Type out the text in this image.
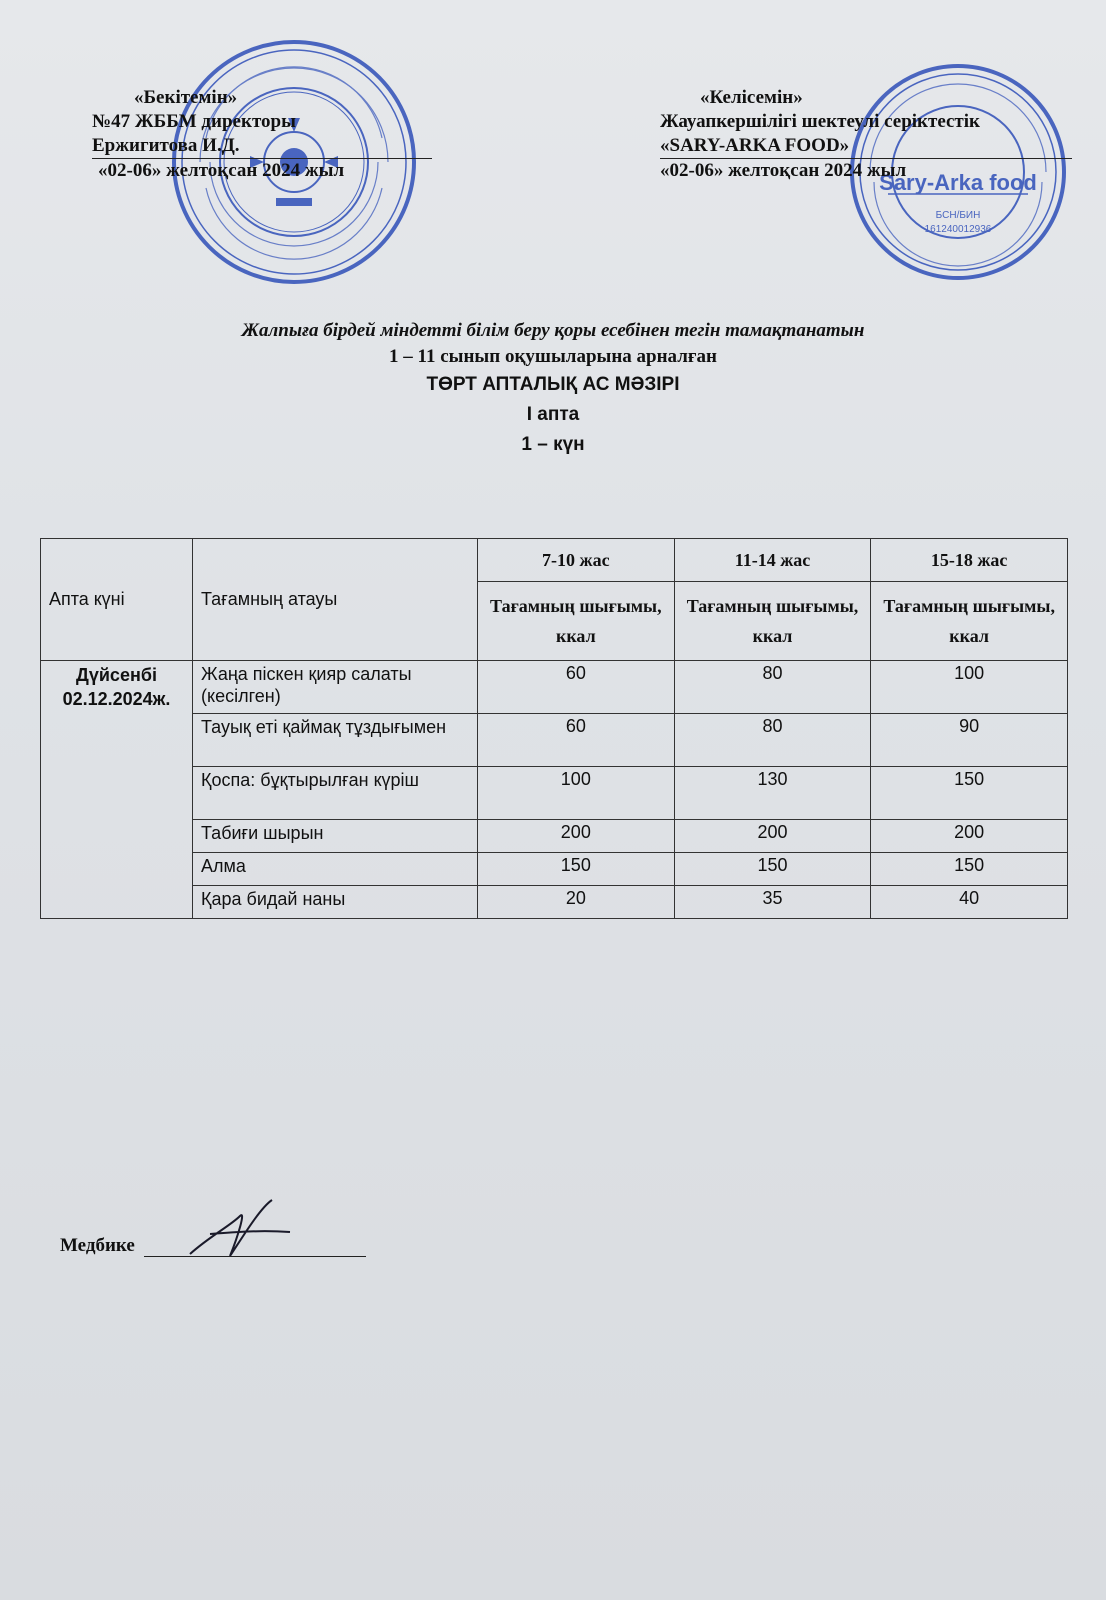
Sary-Arka food
БСН/БИН
161240012936
«Бекітемін»
№47 ЖББМ директоры
Ержигитова И.Д.
«02-06» желтоқсан 2024 жыл
«Келісемін»
Жауапкершілігі шектеулі серіктестік
«SARY-ARKA FOOD»
«02-06» желтоқсан 2024 жыл
Жалпыға бірдей міндетті білім беру қоры есебінен тегін тамақтанатын
1 – 11 сынып оқушыларына арналған
ТӨРТ АПТАЛЫҚ АС МӘЗІРІ
I апта
1 – күн
Апта күні	Тағамның атауы	7-10 жас	11-14 жас	15-18 жас
		Тағамның шығымы, ккал	Тағамның шығымы, ккал	Тағамның шығымы, ккал

Дүйсенбі
02.12.2024ж.	Жаңа піскен қияр салаты (кесілген)	60	80	100
	Тауық еті қаймақ тұздығымен	60	80	90
	Қоспа: бұқтырылған күріш	100	130	150
	Табиғи шырын	200	200	200
	Алма	150	150	150
	Қара бидай наны	20	35	40
Медбике
